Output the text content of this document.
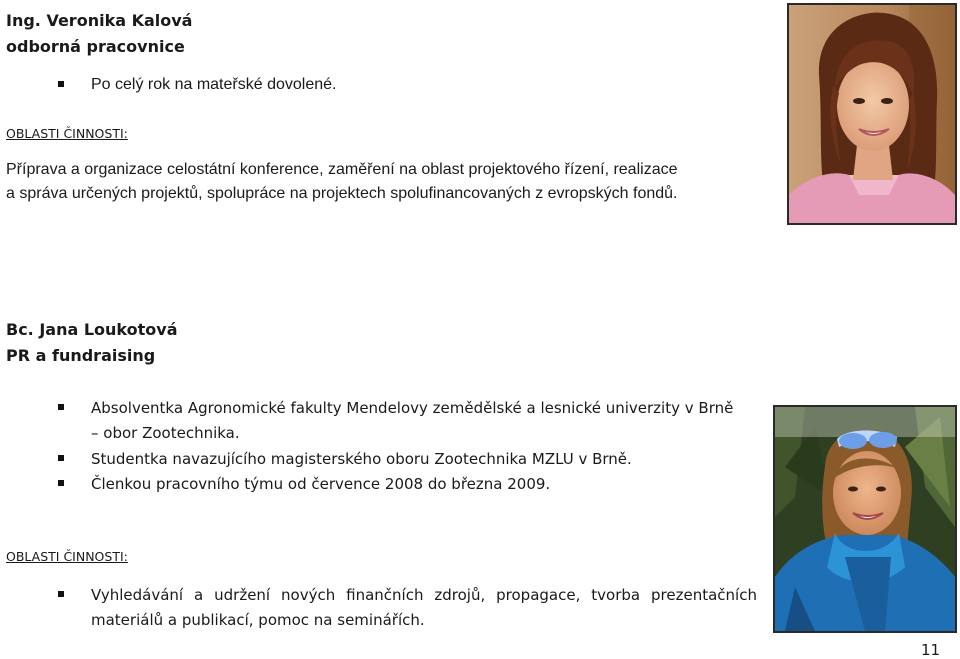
Ing. Veronika Kalová
odborná pracovnice
Po celý rok na mateřské dovolené.
OBLASTI ČINNOSTI:
Příprava a organizace celostátní konference, zaměření na oblast projektového řízení, realizace
a správa určených projektů, spolupráce na projektech spolufinancovaných z evropských fondů.
Bc. Jana Loukotová
PR a fundraising
Absolventka Agronomické fakulty Mendelovy zemědělské a lesnické univerzity v Brně
– obor Zootechnika.
Studentka navazujícího magisterského oboru Zootechnika MZLU v Brně.
Členkou pracovního týmu od července 2008 do března 2009.
OBLASTI ČINNOSTI:
Vyhledávání a udržení nových finančních zdrojů, propagace, tvorba prezentačních
materiálů a publikací, pomoc na seminářích.
11
